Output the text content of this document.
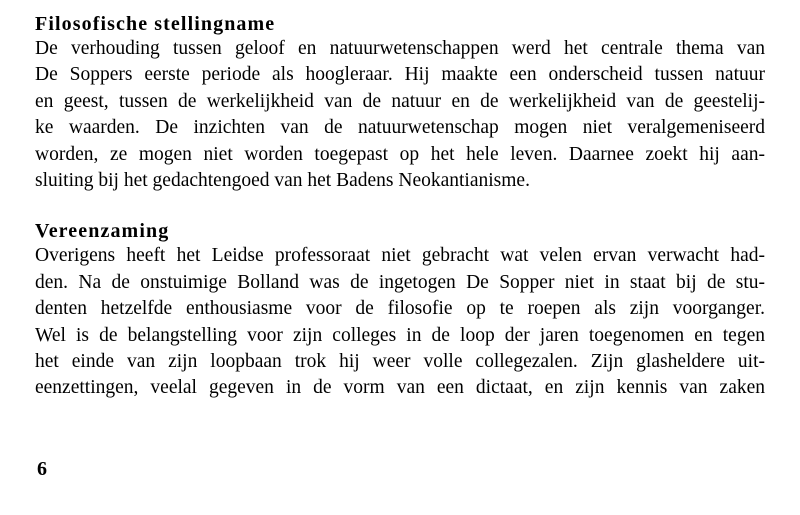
Filosofische stellingname

De verhouding tussen geloof en natuurwetenschappen werd het centrale thema van
De Soppers eerste periode als hoogleraar. Hij maakte een onderscheid tussen natuur
en geest, tussen de werkelijkheid van de natuur en de werkelijkheid van de geestelij-
ke waarden. De inzichten van de natuurwetenschap mogen niet veralgemeniseerd
worden, ze mogen niet worden toegepast op het hele leven. Daarnee zoekt hij aan-
sluiting bij het gedachtengoed van het Badens Neokantianisme.

Vereenzaming

Overigens heeft het Leidse professoraat niet gebracht wat velen ervan verwacht had-
den. Na de onstuimige Bolland was de ingetogen De Sopper niet in staat bij de stu-
denten hetzelfde enthousiasme voor de filosofie op te roepen als zijn voorganger.
Wel is de belangstelling voor zijn colleges in de loop der jaren toegenomen en tegen
het einde van zijn loopbaan trok hij weer volle collegezalen. Zijn glasheldere uit-
eenzettingen, veelal gegeven in de vorm van een dictaat, en zijn kennis van zaken

6
